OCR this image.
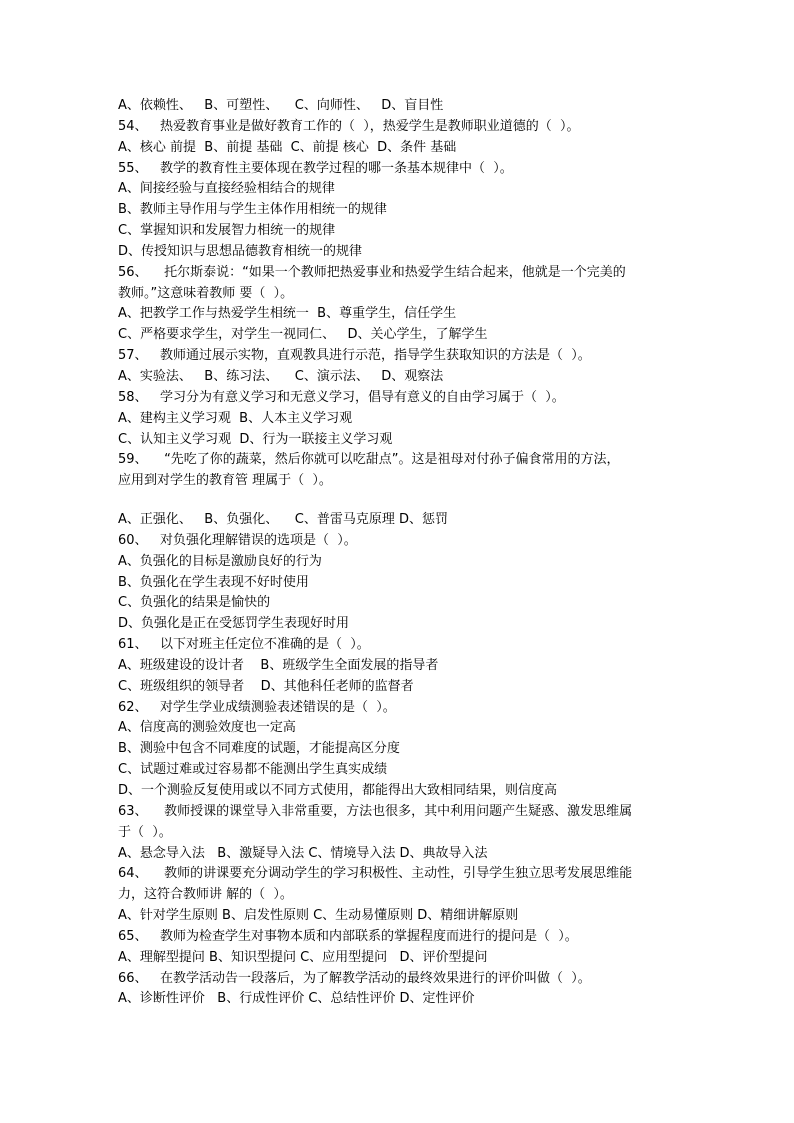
A、依赖性、   B、可塑性、    C、向师性、   D、盲目性
54、   热爱教育事业是做好教育工作的（  ），热爱学生是教师职业道德的（  ）。
A、核心 前提  B、前提 基础  C、前提 核心  D、条件 基础
55、   教学的教育性主要体现在教学过程的哪一条基本规律中（  ）。
A、间接经验与直接经验相结合的规律
B、教师主导作用与学生主体作用相统一的规律
C、掌握知识和发展智力相统一的规律
D、传授知识与思想品德教育相统一的规律
56、    托尔斯泰说：“如果一个教师把热爱事业和热爱学生结合起来，他就是一个完美的
教师。”这意味着教师 要（  ）。
A、把教学工作与热爱学生相统一  B、尊重学生，信任学生
C、严格要求学生，对学生一视同仁、   D、关心学生，了解学生
57、   教师通过展示实物，直观教具进行示范，指导学生获取知识的方法是（  ）。
A、实验法、   B、练习法、    C、演示法、   D、观察法
58、   学习分为有意义学习和无意义学习，倡导有意义的自由学习属于（  ）。
A、建构主义学习观  B、人本主义学习观
C、认知主义学习观  D、行为一联接主义学习观
59、    “先吃了你的蔬菜，然后你就可以吃甜点”。这是祖母对付孙子偏食常用的方法，
应用到对学生的教育管 理属于（  ）。
A、正强化、   B、负强化、    C、普雷马克原理 D、惩罚
60、   对负强化理解错误的选项是（  ）。
A、负强化的目标是激励良好的行为
B、负强化在学生表现不好时使用
C、负强化的结果是愉快的
D、负强化是正在受惩罚学生表现好时用
61、   以下对班主任定位不准确的是（  ）。
A、班级建设的设计者    B、班级学生全面发展的指导者
C、班级组织的领导者    D、其他科任老师的监督者
62、   对学生学业成绩测验表述错误的是（  ）。
A、信度高的测验效度也一定高
B、测验中包含不同难度的试题，才能提高区分度
C、试题过难或过容易都不能测出学生真实成绩
D、一个测验反复使用或以不同方式使用，都能得出大致相同结果，则信度高
63、    教师授课的课堂导入非常重要，方法也很多，其中利用问题产生疑惑、激发思维属
于（  ）。
A、悬念导入法   B、激疑导入法 C、情境导入法 D、典故导入法
64、    教师的讲课要充分调动学生的学习积极性、主动性，引导学生独立思考发展思维能
力，这符合教师讲 解的（  ）。
A、针对学生原则 B、启发性原则 C、生动易懂原则 D、精细讲解原则
65、   教师为检查学生对事物本质和内部联系的掌握程度而进行的提问是（  ）。
A、理解型提问 B、知识型提问 C、应用型提问   D、评价型提问
66、   在教学活动告一段落后，为了解教学活动的最终效果进行的评价叫做（  ）。
A、诊断性评价   B、行成性评价 C、总结性评价 D、定性评价
